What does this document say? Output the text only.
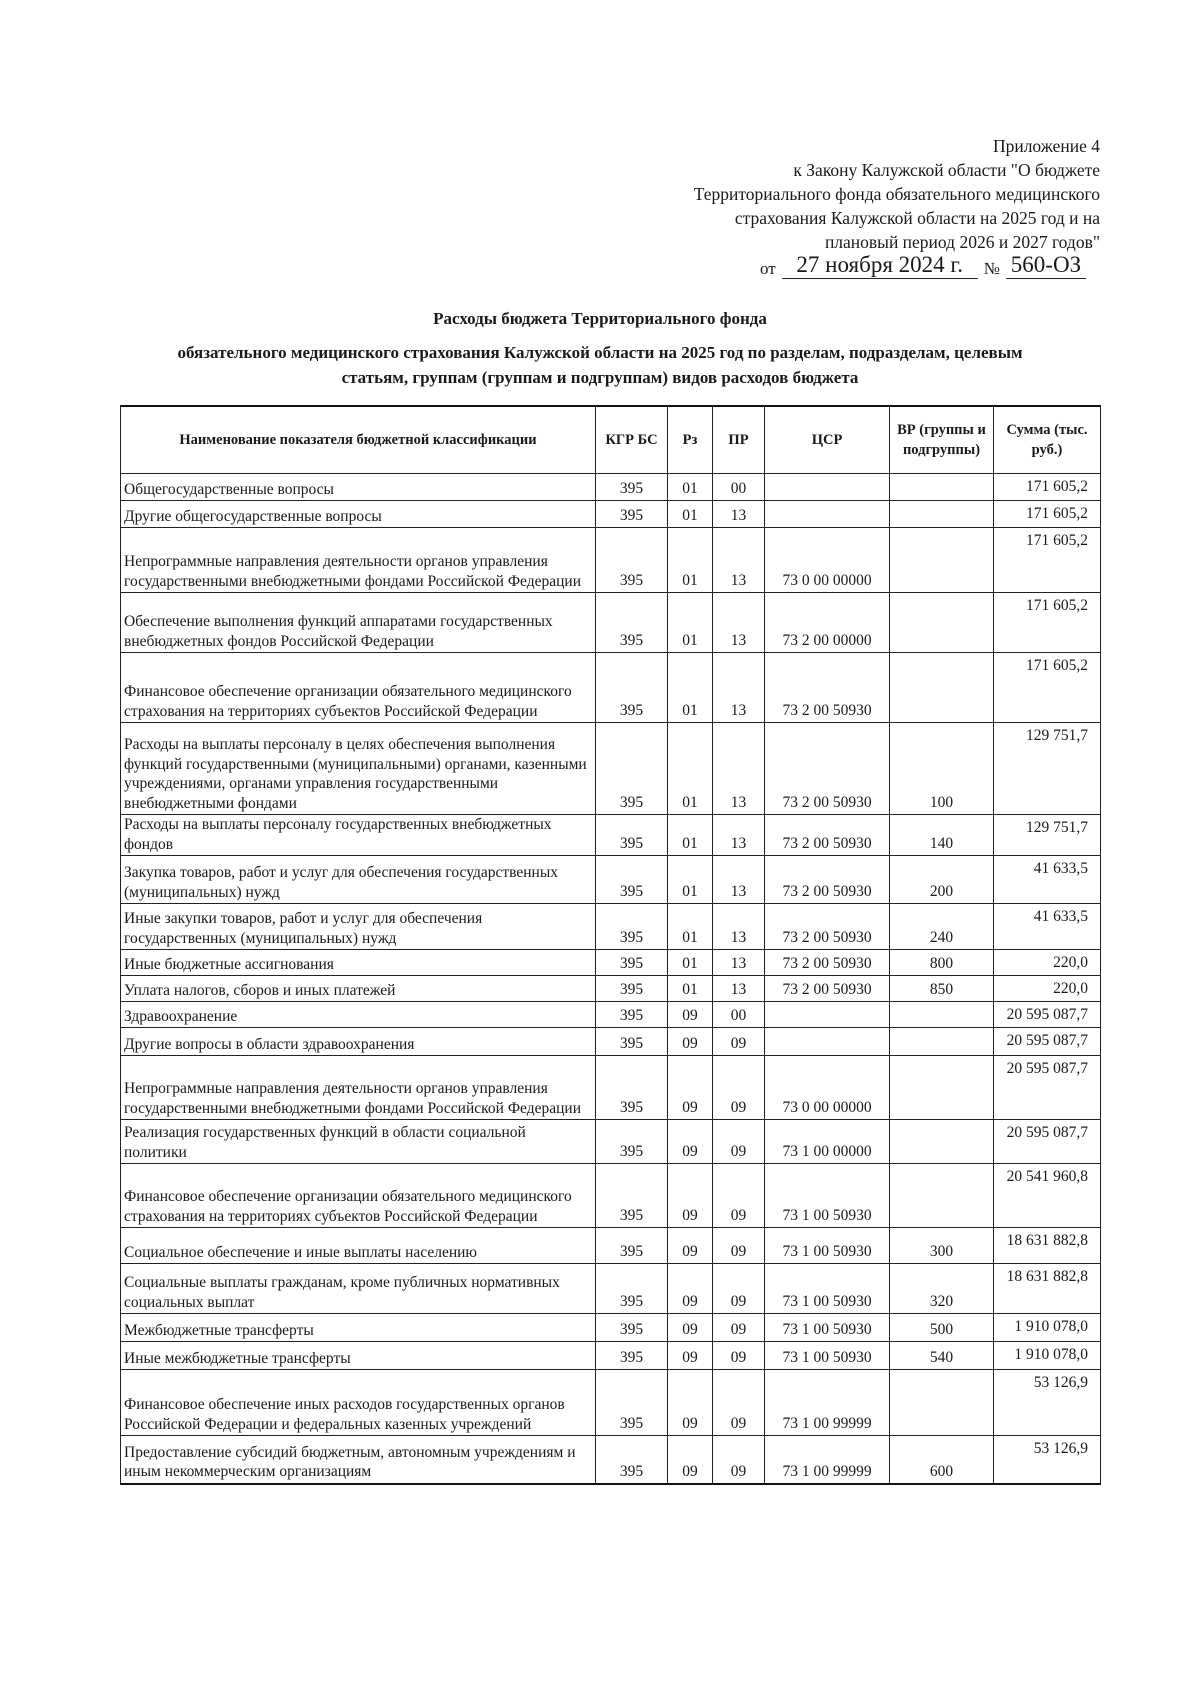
Приложение 4
к Закону Калужской области "О бюджете
Территориального фонда обязательного медицинского
страхования Калужской области на 2025 год и на
плановый период 2026 и 2027 годов"
от 27 ноября 2024 г. № 560-ОЗ
Расходы бюджета Территориального фонда
обязательного медицинского страхования Калужской области на 2025 год по разделам, подразделам, целевым
статьям, группам (группам и подгруппам) видов расходов бюджета
Наименование показателя бюджетной классификации	КГР БС	Рз	ПР	ЦСР	ВР (группы и подгруппы)	Сумма (тыс. руб.)
Общегосударственные вопросы	395	01	00			171 605,2
Другие общегосударственные вопросы	395	01	13			171 605,2
Непрограммные направления деятельности органов управления государственными внебюджетными фондами Российской Федерации	395	01	13	73 0 00 00000		171 605,2
Обеспечение выполнения функций аппаратами государственных внебюджетных фондов Российской Федерации	395	01	13	73 2 00 00000		171 605,2
Финансовое обеспечение организации обязательного медицинского страхования на территориях субъектов Российской Федерации	395	01	13	73 2 00 50930		171 605,2
Расходы на выплаты персоналу в целях обеспечения выполнения функций государственными (муниципальными) органами, казенными учреждениями, органами управления государственными внебюджетными фондами	395	01	13	73 2 00 50930	100	129 751,7
Расходы на выплаты персоналу государственных внебюджетных фондов	395	01	13	73 2 00 50930	140	129 751,7
Закупка товаров, работ и услуг для обеспечения государственных (муниципальных) нужд	395	01	13	73 2 00 50930	200	41 633,5
Иные закупки товаров, работ и услуг для обеспечения государственных (муниципальных) нужд	395	01	13	73 2 00 50930	240	41 633,5
Иные бюджетные ассигнования	395	01	13	73 2 00 50930	800	220,0
Уплата налогов, сборов и иных платежей	395	01	13	73 2 00 50930	850	220,0
Здравоохранение	395	09	00			20 595 087,7
Другие вопросы в области здравоохранения	395	09	09			20 595 087,7
Непрограммные направления деятельности органов управления государственными внебюджетными фондами Российской Федерации	395	09	09	73 0 00 00000		20 595 087,7
Реализация государственных функций в области социальной политики	395	09	09	73 1 00 00000		20 595 087,7
Финансовое обеспечение организации обязательного медицинского страхования на территориях субъектов Российской Федерации	395	09	09	73 1 00 50930		20 541 960,8
Социальное обеспечение и иные выплаты населению	395	09	09	73 1 00 50930	300	18 631 882,8
Социальные выплаты гражданам, кроме публичных нормативных социальных выплат	395	09	09	73 1 00 50930	320	18 631 882,8
Межбюджетные трансферты	395	09	09	73 1 00 50930	500	1 910 078,0
Иные межбюджетные трансферты	395	09	09	73 1 00 50930	540	1 910 078,0
Финансовое обеспечение иных расходов государственных органов Российской Федерации и федеральных казенных учреждений	395	09	09	73 1 00 99999		53 126,9
Предоставление субсидий бюджетным, автономным учреждениям и иным некоммерческим организациям	395	09	09	73 1 00 99999	600	53 126,9
